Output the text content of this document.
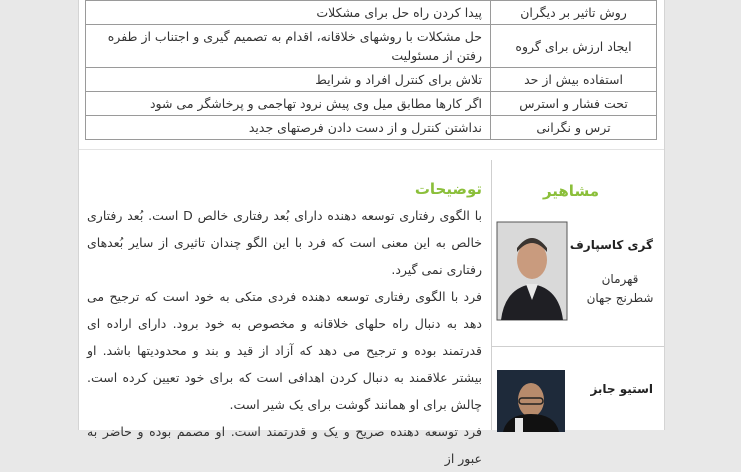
روش تاثیر بر دیگران	پیدا کردن راه حل برای مشکلات
ایجاد ارزش برای گروه	حل مشکلات با روشهای خلاقانه، اقدام به تصمیم گیری و اجتناب از طفره رفتن از مسئولیت
استفاده بیش از حد	تلاش برای کنترل افراد و شرایط
تحت فشار و استرس	اگر کارها مطابق میل وی پیش نرود تهاجمی و پرخاشگر می شود
ترس و نگرانی	نداشتن کنترل و از دست دادن فرصتهای جدید
مشاهیر
گری کاسپارف
قهرمان شطرنج جهان
استیو جابز
توضیحات

با الگوی رفتاری توسعه دهنده دارای بُعد رفتاری خالص D است. بُعد رفتاری خالص به این معنی است که فرد با این الگو چندان تاثیری از سایر بُعدهای رفتاری نمی گیرد.

فرد با الگوی رفتاری توسعه دهنده فردی متکی به خود است که ترجیح می دهد به دنبال راه حلهای خلاقانه و مخصوص به خود برود. دارای اراده ای قدرتمند بوده و ترجیح می دهد که آزاد از قید و بند و محدودیتها باشد. او بیشتر علاقمند به دنبال کردن اهدافی است که برای خود تعیین کرده است. چالش برای او همانند گوشت برای یک شیر است.

فرد توسعه دهنده صریح و یک و قدرتمند است. او مصمم بوده و حاضر به عبور از
